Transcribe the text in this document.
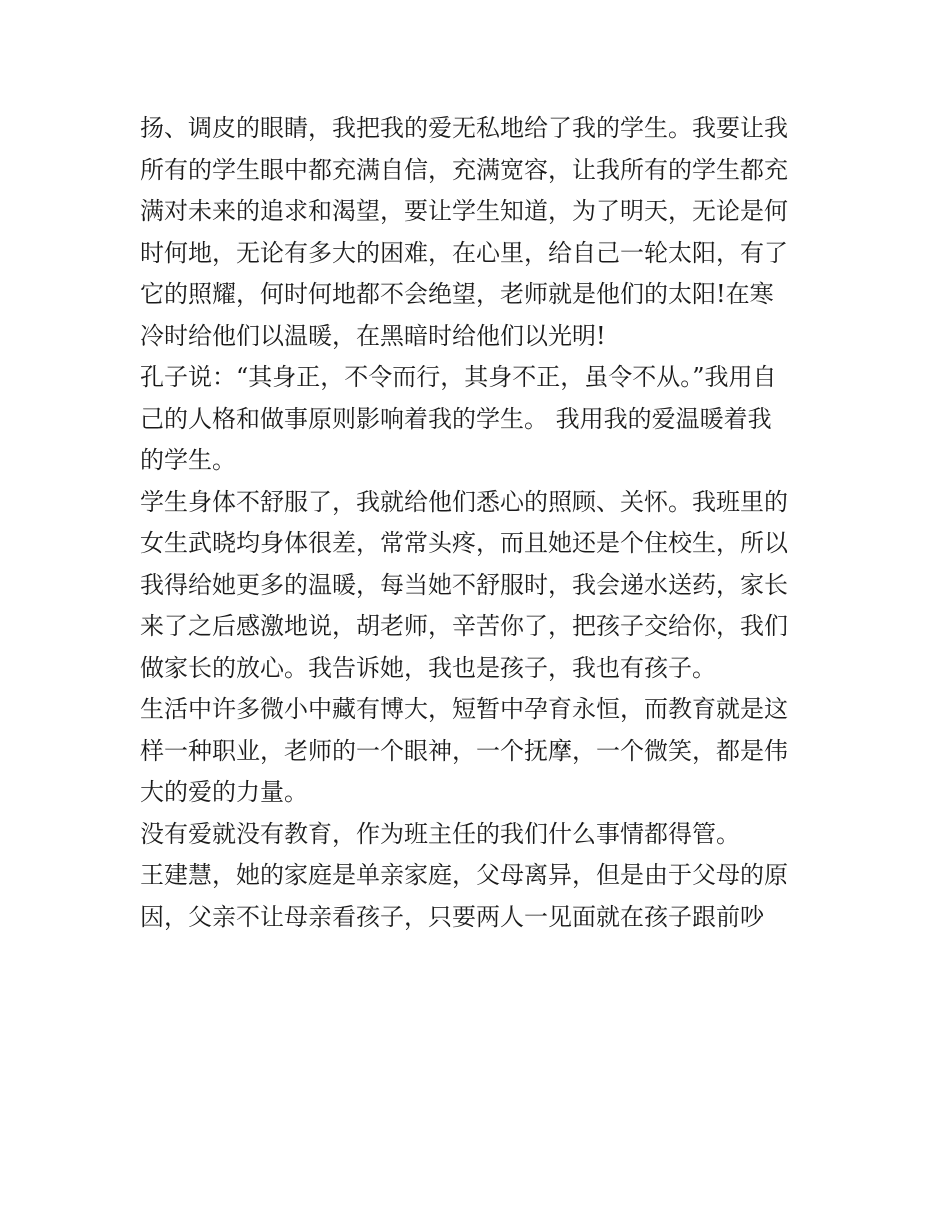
扬、调皮的眼睛，我把我的爱无私地给了我的学生。我要让我
所有的学生眼中都充满自信，充满宽容，让我所有的学生都充
满对未来的追求和渴望，要让学生知道，为了明天，无论是何
时何地，无论有多大的困难，在心里，给自己一轮太阳，有了
它的照耀，何时何地都不会绝望，老师就是他们的太阳!在寒
冷时给他们以温暖，在黑暗时给他们以光明!

孔子说：“其身正，不令而行，其身不正，虽令不从。”我用自
己的人格和做事原则影响着我的学生。 我用我的爱温暖着我
的学生。

学生身体不舒服了，我就给他们悉心的照顾、关怀。我班里的
女生武晓均身体很差，常常头疼，而且她还是个住校生，所以
我得给她更多的温暖，每当她不舒服时，我会递水送药，家长
来了之后感激地说，胡老师，辛苦你了，把孩子交给你，我们
做家长的放心。我告诉她，我也是孩子，我也有孩子。

生活中许多微小中藏有博大，短暂中孕育永恒，而教育就是这
样一种职业，老师的一个眼神，一个抚摩，一个微笑，都是伟
大的爱的力量。

没有爱就没有教育，作为班主任的我们什么事情都得管。

王建慧，她的家庭是单亲家庭，父母离异，但是由于父母的原
因，父亲不让母亲看孩子，只要两人一见面就在孩子跟前吵
